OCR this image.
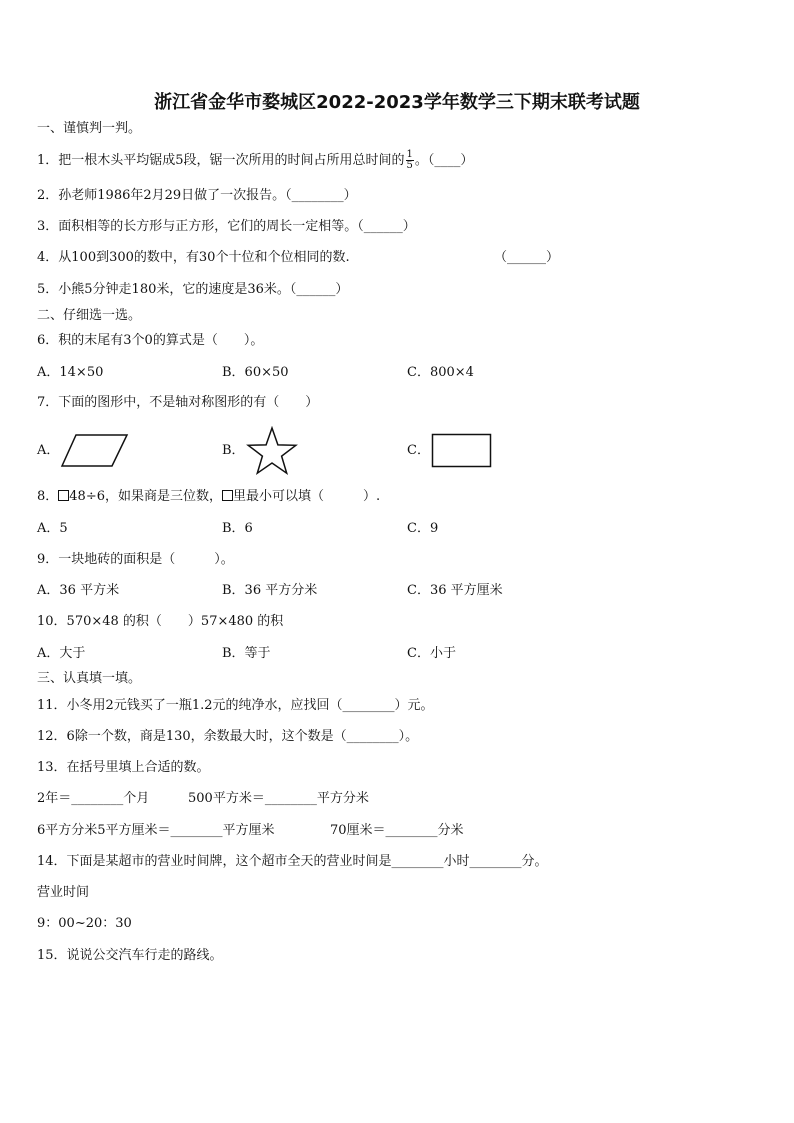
浙江省金华市婺城区2022-2023学年数学三下期末联考试题
一、谨慎判一判。
1．把一根木头平均锯成5段，锯一次所用的时间占所用总时间的 $\frac{1}{5}$ 。（____）
2．孙老师1986年2月29日做了一次报告。（________）
3．面积相等的长方形与正方形，它们的周长一定相等。（______）
4．从100到300的数中，有30个十位和个位相同的数.	（______）
5．小熊5分钟走180米，它的速度是36米。（______）
二、仔细选一选。
6．积的末尾有3个0的算式是（　　）。
A．14×50	B．60×50	C．800×4
7．下面的图形中，不是轴对称图形的有（　　）
A．	B．	C．
8． 48÷6，如果商是三位数， 里最小可以填（　　　）.
A．5	B．6	C．9
9．一块地砖的面积是（　　　）。
A．36 平方米	B．36 平方分米	C．36 平方厘米
10．570×48 的积（　　）57×480 的积
A．大于	B．等于	C．小于
三、认真填一填。
11．小冬用2元钱买了一瓶1.2元的纯净水，应找回（________）元。
12．6除一个数，商是130，余数最大时，这个数是（________）。
13．在括号里填上合适的数。
2年＝________个月	500平方米＝________平方分米
6平方分米5平方厘米＝________平方厘米	70厘米＝________分米
14．下面是某超市的营业时间牌，这个超市全天的营业时间是________小时________分。
营业时间
9：00~20：30
15．说说公交汽车行走的路线。
